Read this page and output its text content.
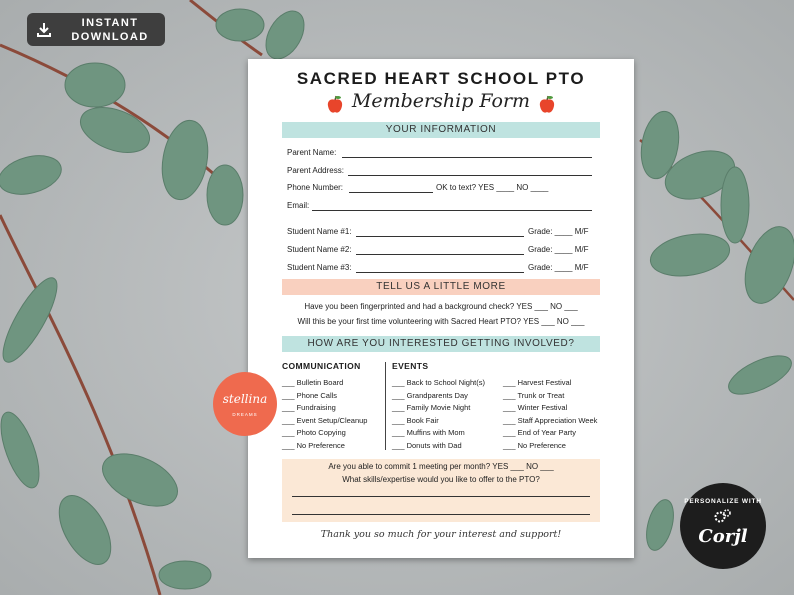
INSTANT
DOWNLOAD
SACRED HEART SCHOOL PTO
Membership Form
YOUR INFORMATION
Parent Name:
Parent Address:
Phone Number:	OK to text? YES ____ NO ____
Email:
Student Name #1:	Grade: ____ M/F
Student Name #2:	Grade: ____ M/F
Student Name #3:	Grade: ____ M/F
TELL US A LITTLE MORE
Have you been fingerprinted and had a background check? YES ___ NO ___
Will this be your first time volunteering with Sacred Heart PTO? YES ___ NO ___
HOW ARE YOU INTERESTED GETTING INVOLVED?
COMMUNICATION
___ Bulletin Board
___ Phone Calls
___ Fundraising
___ Event Setup/Cleanup
___ Photo Copying
___ No Preference
EVENTS
___ Back to School Night(s)
___ Grandparents Day
___ Family Movie Night
___ Book Fair
___ Muffins with Mom
___ Donuts with Dad
___ Harvest Festival
___ Trunk or Treat
___ Winter Festival
___ Staff Appreciation Week
___ End of Year Party
___ No Preference
Are you able to commit 1 meeting per month? YES ___ NO ___
What skills/expertise would you like to offer to the PTO?
Thank you so much for your interest and support!
stellina
DREAMS
PERSONALIZE WITH
Corjl
